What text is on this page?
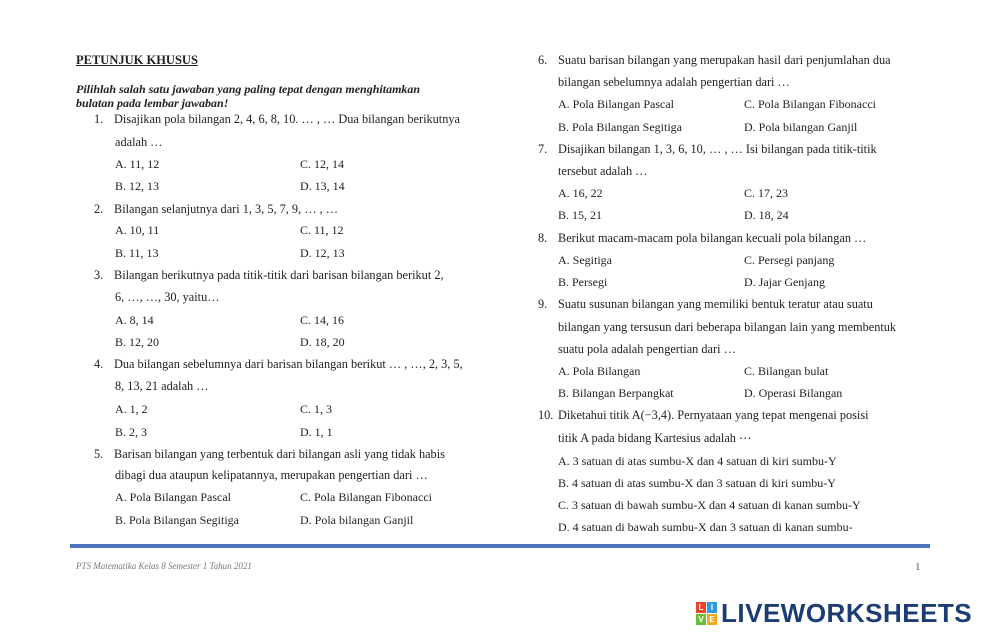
PETUNJUK KHUSUS
Pilihlah salah satu jawaban yang paling tepat dengan menghitamkan
bulatan pada lembar jawaban!
1. Disajikan pola bilangan 2, 4, 6, 8, 10. … , … Dua bilangan berikutnya
adalah …
A. 11, 12
B. 12, 13
C. 12, 14
D. 13, 14
2. Bilangan selanjutnya dari 1, 3, 5, 7, 9, … , …
A. 10, 11
B. 11, 13
C. 11, 12
D. 12, 13
3. Bilangan berikutnya pada titik-titik dari barisan bilangan berikut 2,
6, …, …, 30, yaitu…
A. 8, 14
B. 12, 20
C. 14, 16
D. 18, 20
4. Dua bilangan sebelumnya dari barisan bilangan berikut … , …, 2, 3, 5,
8, 13, 21 adalah …
A. 1, 2
B. 2, 3
C. 1, 3
D. 1, 1
5. Barisan bilangan yang terbentuk dari bilangan asli yang tidak habis
dibagi dua ataupun kelipatannya, merupakan pengertian dari …
A. Pola Bilangan Pascal
B. Pola Bilangan Segitiga
C. Pola Bilangan Fibonacci
D. Pola bilangan Ganjil
6. Suatu barisan bilangan yang merupakan hasil dari penjumlahan dua
bilangan sebelumnya adalah pengertian dari …
A. Pola Bilangan Pascal
B. Pola Bilangan Segitiga
C. Pola Bilangan Fibonacci
D. Pola bilangan Ganjil
7. Disajikan bilangan 1, 3, 6, 10, … , … Isi bilangan pada titik-titik
tersebut adalah …
A. 16, 22
B. 15, 21
C. 17, 23
D. 18, 24
8. Berikut macam-macam pola bilangan kecuali pola bilangan …
A. Segitiga
B. Persegi
C. Persegi panjang
D. Jajar Genjang
9. Suatu susunan bilangan yang memiliki bentuk teratur atau suatu
bilangan yang tersusun dari beberapa bilangan lain yang membentuk
suatu pola adalah pengertian dari …
A. Pola Bilangan
B. Bilangan Berpangkat
C. Bilangan bulat
D. Operasi Bilangan
10. Diketahui titik A(−3,4). Pernyataan yang tepat mengenai posisi
titik A pada bidang Kartesius adalah ⋯
A. 3 satuan di atas sumbu-X dan 4 satuan di kiri sumbu-Y
B. 4 satuan di atas sumbu-X dan 3 satuan di kiri sumbu-Y
C. 3 satuan di bawah sumbu-X dan 4 satuan di kanan sumbu-Y
D. 4 satuan di bawah sumbu-X dan 3 satuan di kanan sumbu-
PTS Matematika Kelas 8 Semester 1 Tahun 2021	1
L I
V E LIVEWORKSHEETS
